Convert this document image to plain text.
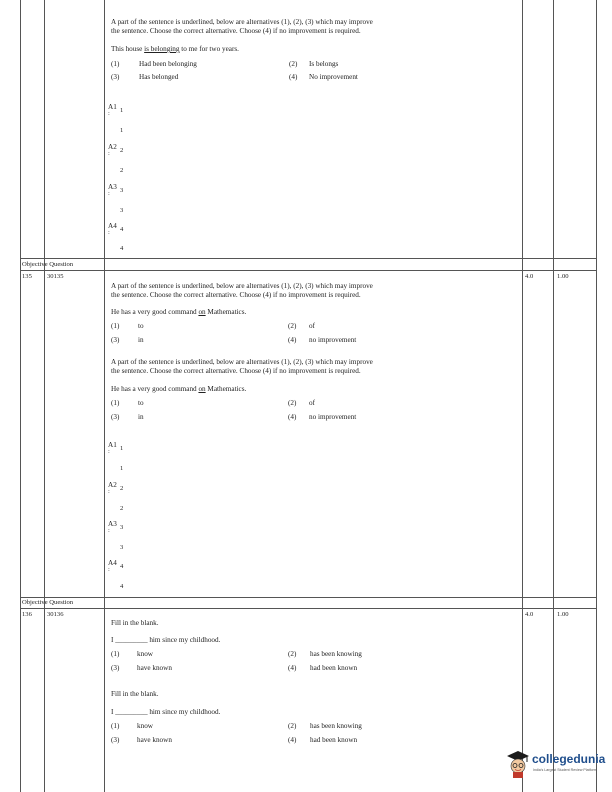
A part of the sentence is underlined, below are alternatives (1), (2), (3) which may improve
the sentence. Choose the correct alternative. Choose (4) if no improvement is required.
This house is belonging to me for two years.
(1)	Had been belonging	(2) Is belongs
(3)	Has belonged	(4) No improvement
A1 1
:
1
A2 2
:
2
A3 3
:
3
A4 4
:
4
Objective Question
135 30135	4.0	1.00
A part of the sentence is underlined, below are alternatives (1), (2), (3) which may improve
the sentence. Choose the correct alternative. Choose (4) if no improvement is required.
He has a very good command on Mathematics.
(1)	to	(2) of
(3)	in	(4) no improvement
A part of the sentence is underlined, below are alternatives (1), (2), (3) which may improve
the sentence. Choose the correct alternative. Choose (4) if no improvement is required.
He has a very good command on Mathematics.
(1)	to	(2) of
(3)	in	(4) no improvement
A1 1
:
1
A2 2
:
2
A3 3
:
3
A4 4
:
4
Objective Question
136 30136	4.0	1.00
Fill in the blank.
I _________ him since my childhood.
(1) know	(2) has been knowing
(3) have known	(4) had been known
Fill in the blank.
I _________ him since my childhood.
(1) know	(2) has been knowing
(3) have known	(4) had been known
collegedunia
India's Largest Student Review Platform
